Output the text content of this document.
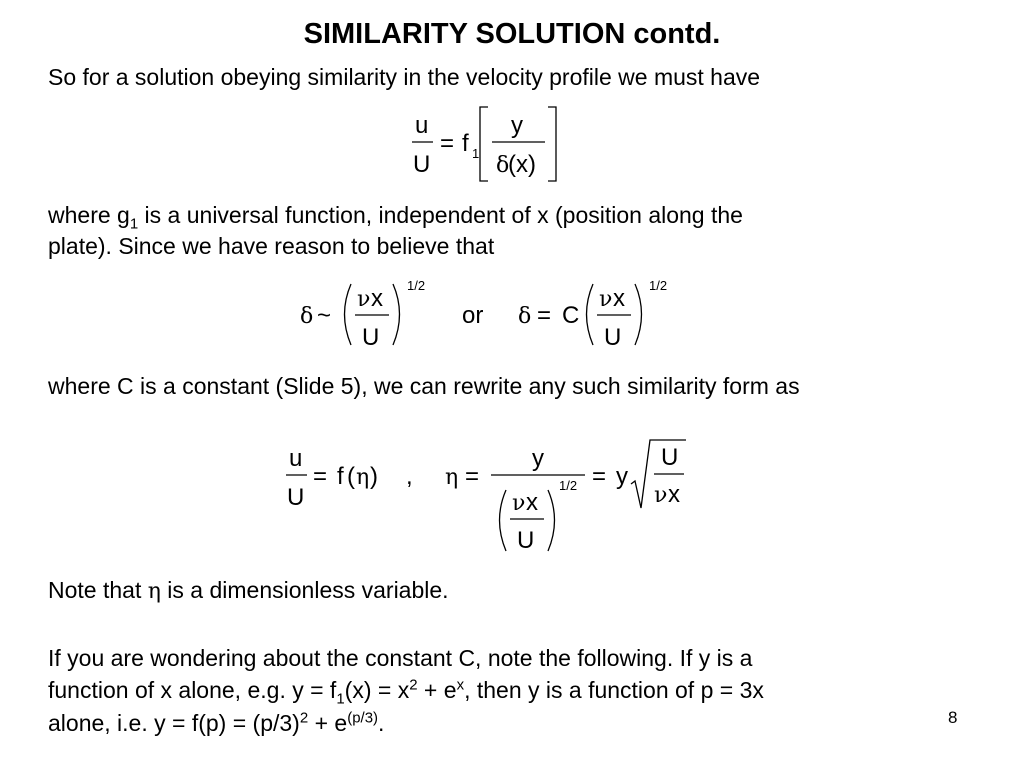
SIMILARITY SOLUTION contd.
So for a solution obeying similarity in the velocity profile we must have
u
U
= f 1
y
δ
(x)
where $g_1$ is a universal function, independent of x (position along the
plate). Since we have reason to believe that
δ ~
ν x
U
1/2
or δ = C
ν x
U
1/2
where C is a constant (Slide 5), we can rewrite any such similarity form as
u
U
= f ( η ) , η =
y
ν x
U
1/2 = y
U
ν x
Note that η is a dimensionless variable.
If you are wondering about the constant C, note the following. If y is a
function of x alone, e.g. $y = f_1(x) = x^2 + e^x$, then y is a function of p = 3x
alone, i.e. $y = f(p) = (p/3)^2 + e^{(p/3)}$.	8
